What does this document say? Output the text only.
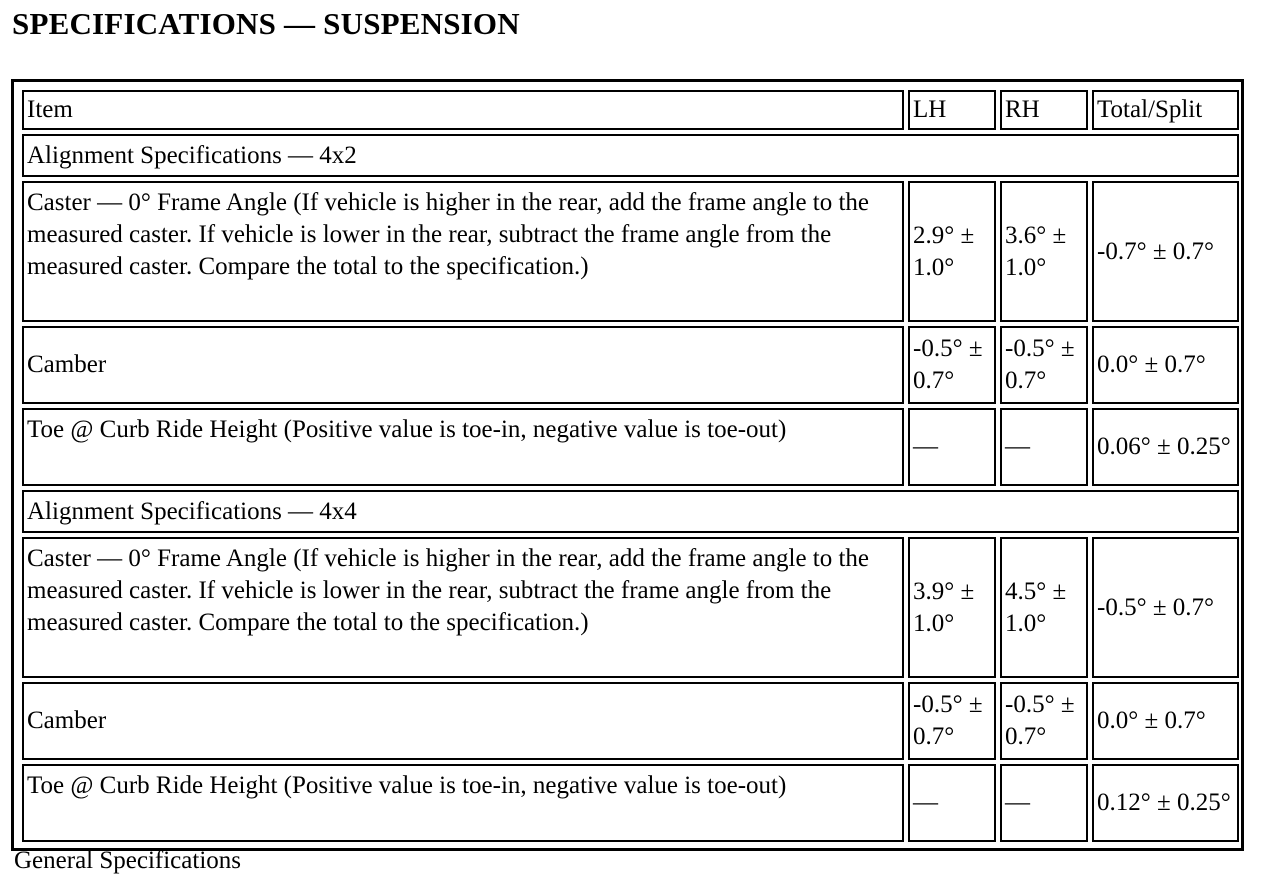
SPECIFICATIONS — SUSPENSION
Item	LH	RH	Total/Split
Alignment Specifications — 4x2			
Caster — 0° Frame Angle (If vehicle is higher in the rear, add the frame angle to the measured caster. If vehicle is lower in the rear, subtract the frame angle from the measured caster. Compare the total to the specification.)	2.9° ± 1.0°	3.6° ± 1.0°	-0.7° ± 0.7°
Camber	-0.5° ± 0.7°	-0.5° ± 0.7°	0.0° ± 0.7°
Toe @ Curb Ride Height (Positive value is toe-in, negative value is toe-out)	—	—	0.06° ± 0.25°
Alignment Specifications — 4x4			
Caster — 0° Frame Angle (If vehicle is higher in the rear, add the frame angle to the measured caster. If vehicle is lower in the rear, subtract the frame angle from the measured caster. Compare the total to the specification.)	3.9° ± 1.0°	4.5° ± 1.0°	-0.5° ± 0.7°
Camber	-0.5° ± 0.7°	-0.5° ± 0.7°	0.0° ± 0.7°
Toe @ Curb Ride Height (Positive value is toe-in, negative value is toe-out)	—	—	0.12° ± 0.25°
General Specifications
